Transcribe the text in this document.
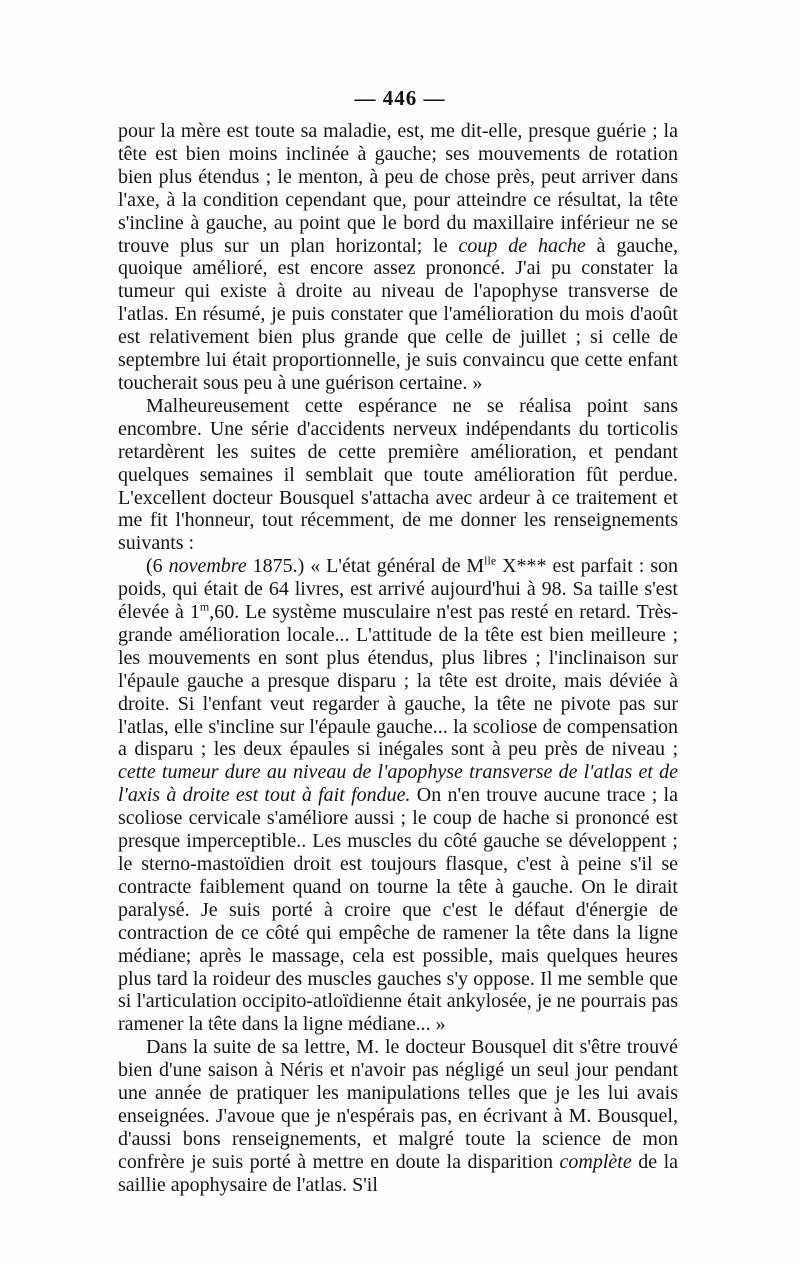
— 446 —

pour la mère est toute sa maladie, est, me dit-elle, presque guérie ; la tête est bien moins inclinée à gauche; ses mouvements de rotation bien plus étendus ; le menton, à peu de chose près, peut arriver dans l'axe, à la condition cependant que, pour atteindre ce résultat, la tête s'incline à gauche, au point que le bord du maxillaire inférieur ne se trouve plus sur un plan horizontal; le coup de hache à gauche, quoique amélioré, est encore assez prononcé. J'ai pu constater la tumeur qui existe à droite au niveau de l'apophyse transverse de l'atlas. En résumé, je puis constater que l'amélioration du mois d'août est relativement bien plus grande que celle de juillet ; si celle de septembre lui était proportionnelle, je suis convaincu que cette enfant toucherait sous peu à une guérison certaine. »

Malheureusement cette espérance ne se réalisa point sans encombre. Une série d'accidents nerveux indépendants du torticolis retardèrent les suites de cette première amélioration, et pendant quelques semaines il semblait que toute amélioration fût perdue. L'excellent docteur Bousquel s'attacha avec ardeur à ce traitement et me fit l'honneur, tout récemment, de me donner les renseignements suivants :

(6 novembre 1875.) « L'état général de $M^{lle}$ X*** est parfait : son poids, qui était de 64 livres, est arrivé aujourd'hui à 98. Sa taille s'est élevée à 1$^m$,60. Le système musculaire n'est pas resté en retard. Très-grande amélioration locale... L'attitude de la tête est bien meilleure ; les mouvements en sont plus étendus, plus libres ; l'inclinaison sur l'épaule gauche a presque disparu ; la tête est droite, mais déviée à droite. Si l'enfant veut regarder à gauche, la tête ne pivote pas sur l'atlas, elle s'incline sur l'épaule gauche... la scoliose de compensation a disparu ; les deux épaules si inégales sont à peu près de niveau ; cette tumeur dure au niveau de l'apophyse transverse de l'atlas et de l'axis à droite est tout à fait fondue. On n'en trouve aucune trace ; la scoliose cervicale s'améliore aussi ; le coup de hache si prononcé est presque imperceptible.. Les muscles du côté gauche se développent ; le sterno-mastoïdien droit est toujours flasque, c'est à peine s'il se contracte faiblement quand on tourne la tête à gauche. On le dirait paralysé. Je suis porté à croire que c'est le défaut d'énergie de contraction de ce côté qui empêche de ramener la tête dans la ligne médiane; après le massage, cela est possible, mais quelques heures plus tard la roideur des muscles gauches s'y oppose. Il me semble que si l'articulation occipito-atloïdienne était ankylosée, je ne pourrais pas ramener la tête dans la ligne médiane... »

Dans la suite de sa lettre, M. le docteur Bousquel dit s'être trouvé bien d'une saison à Néris et n'avoir pas négligé un seul jour pendant une année de pratiquer les manipulations telles que je les lui avais enseignées. J'avoue que je n'espérais pas, en écrivant à M. Bousquel, d'aussi bons renseignements, et malgré toute la science de mon confrère je suis porté à mettre en doute la disparition complète de la saillie apophysaire de l'atlas. S'il
